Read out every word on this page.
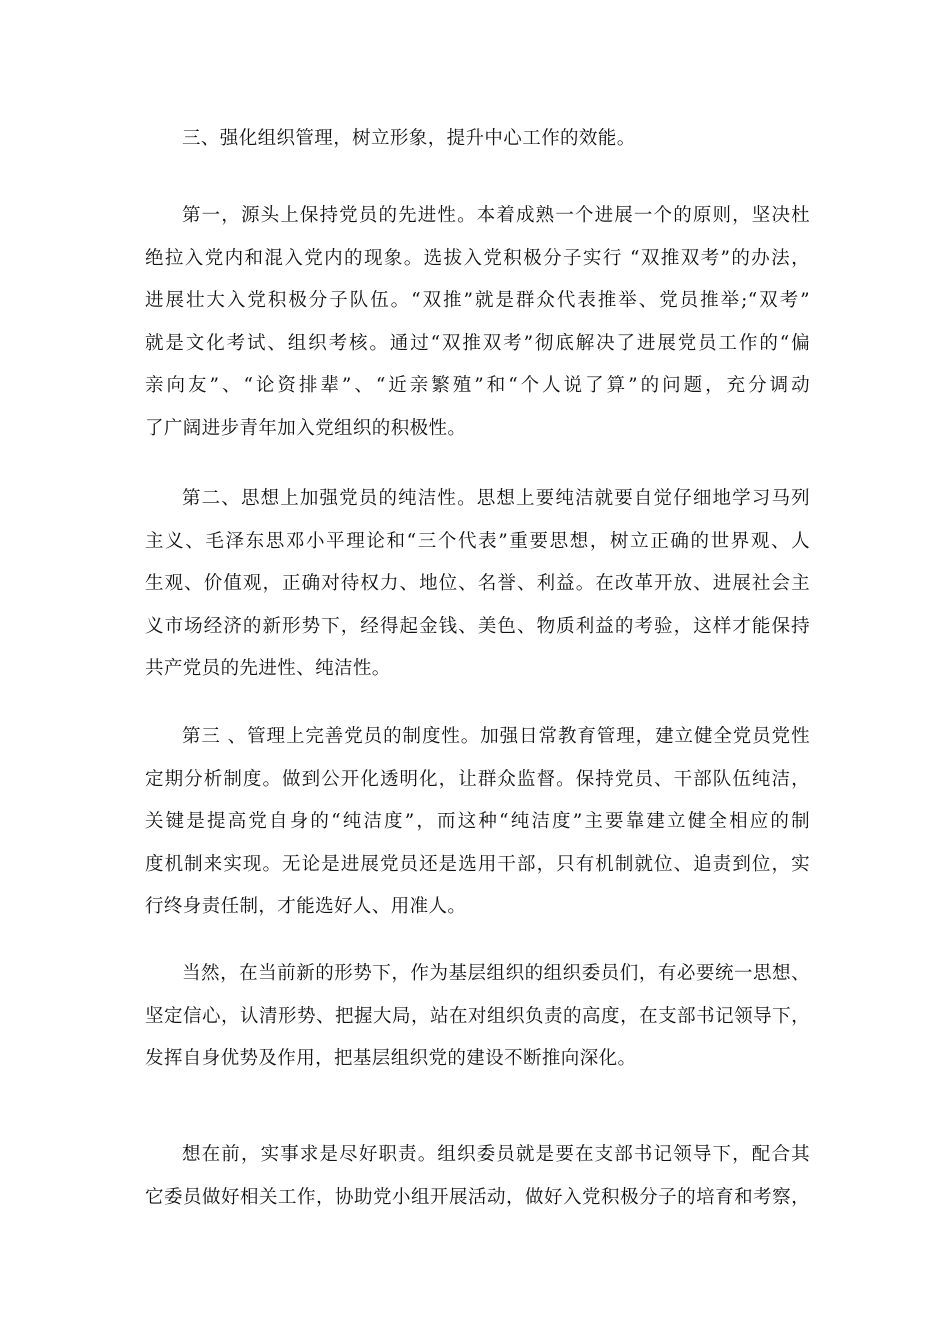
三、强化组织管理，树立形象，提升中心工作的效能。

第一，源头上保持党员的先进性。本着成熟一个进展一个的原则，坚决杜
绝拉入党内和混入党内的现象。选拔入党积极分子实行 “双推双考”的办法，
进展壮大入党积极分子队伍。“双推”就是群众代表推举、党员推举;“双考”
就是文化考试、组织考核。通过“双推双考”彻底解决了进展党员工作的“偏
亲向友”、“论资排辈”、“近亲繁殖”和“个人说了算”的问题，充分调动
了广阔进步青年加入党组织的积极性。

第二、思想上加强党员的纯洁性。思想上要纯洁就要自觉仔细地学习马列
主义、毛泽东思邓小平理论和“三个代表”重要思想，树立正确的世界观、人
生观、价值观，正确对待权力、地位、名誉、利益。在改革开放、进展社会主
义市场经济的新形势下，经得起金钱、美色、物质利益的考验，这样才能保持
共产党员的先进性、纯洁性。

第三 、管理上完善党员的制度性。加强日常教育管理，建立健全党员党性
定期分析制度。做到公开化透明化，让群众监督。保持党员、干部队伍纯洁，
关键是提高党自身的“纯洁度”，而这种“纯洁度”主要靠建立健全相应的制
度机制来实现。无论是进展党员还是选用干部，只有机制就位、追责到位，实
行终身责任制，才能选好人、用准人。

当然，在当前新的形势下，作为基层组织的组织委员们，有必要统一思想、
坚定信心，认清形势、把握大局，站在对组织负责的高度，在支部书记领导下，
发挥自身优势及作用，把基层组织党的建设不断推向深化。

想在前，实事求是尽好职责。组织委员就是要在支部书记领导下，配合其
它委员做好相关工作，协助党小组开展活动，做好入党积极分子的培育和考察，
